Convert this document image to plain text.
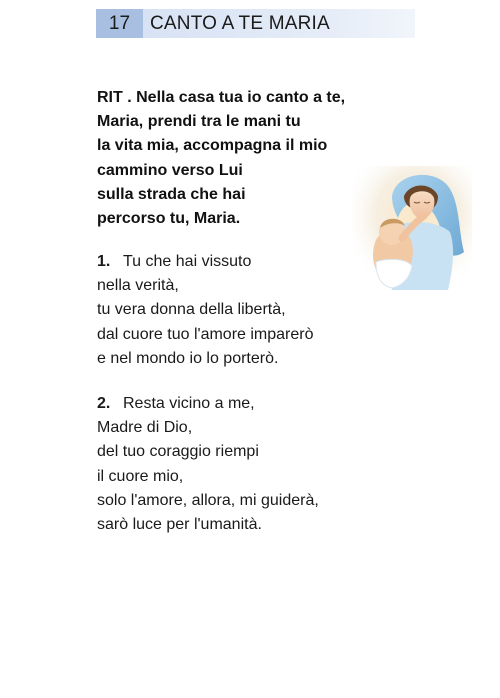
17	CANTO A TE MARIA
RIT . Nella casa tua io canto a te,
Maria, prendi tra le mani tu
la vita mia, accompagna il mio
cammino verso Lui
sulla strada che hai
percorso tu, Maria.
1. Tu che hai vissuto
nella verità,
tu vera donna della libertà,
dal cuore tuo l'amore imparerò
e nel mondo io lo porterò.
2. Resta vicino a me,
Madre di Dio,
del tuo coraggio riempi
il cuore mio,
solo l'amore, allora, mi guiderà,
sarò luce per l'umanità.
